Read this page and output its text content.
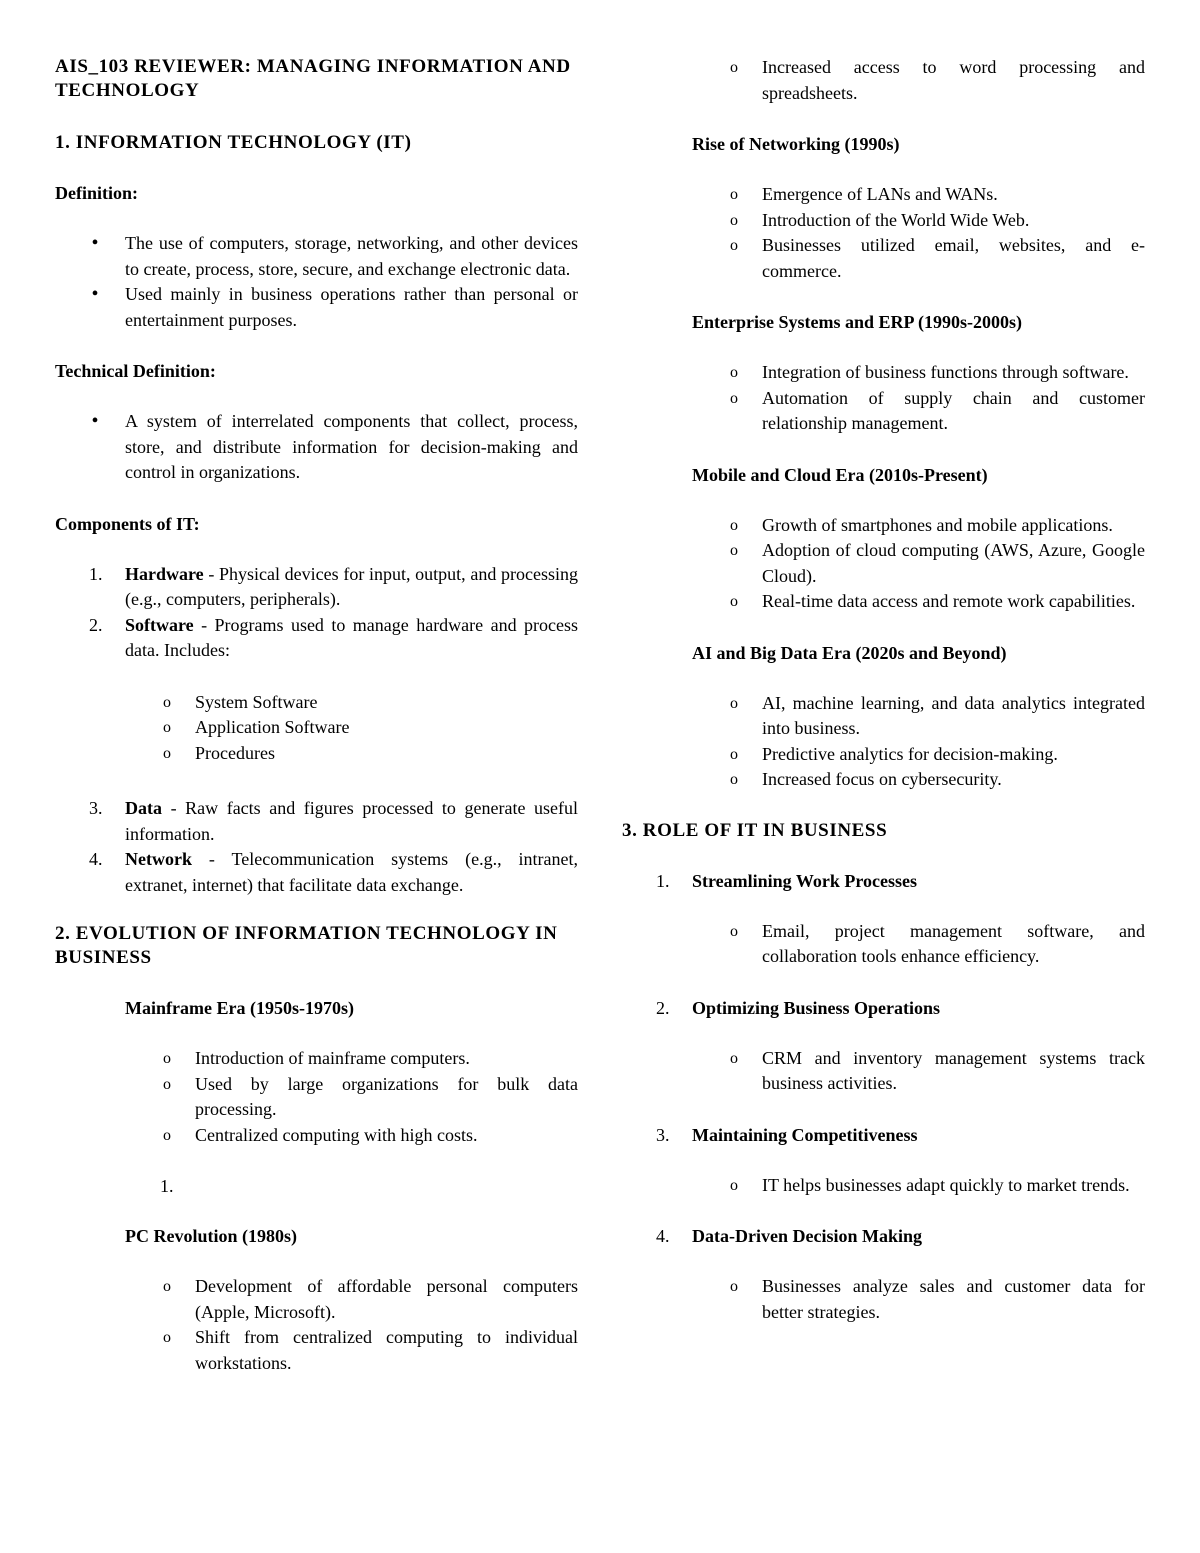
AIS_103 REVIEWER: MANAGING INFORMATION AND TECHNOLOGY

1. INFORMATION TECHNOLOGY (IT)

Definition:

•	The use of computers, storage, networking, and other devices to create, process, store, secure, and exchange electronic data.
•	Used mainly in business operations rather than personal or entertainment purposes.

Technical Definition:

•	A system of interrelated components that collect, process, store, and distribute information for decision-making and control in organizations.

Components of IT:

1.	Hardware - Physical devices for input, output, and processing (e.g., computers, peripherals).
2.	Software - Programs used to manage hardware and process data. Includes:
o System Software
o Application Software
o Procedures
3.	Data - Raw facts and figures processed to generate useful information.
4.	Network - Telecommunication systems (e.g., intranet, extranet, internet) that facilitate data exchange.

2. EVOLUTION OF INFORMATION TECHNOLOGY IN BUSINESS

Mainframe Era (1950s-1970s)

o Introduction of mainframe computers.
o Used by large organizations for bulk data processing.
o Centralized computing with high costs.

1.

PC Revolution (1980s)

o Development of affordable personal computers (Apple, Microsoft).
o Shift from centralized computing to individual workstations.
o Increased access to word processing and spreadsheets.

Rise of Networking (1990s)

o Emergence of LANs and WANs.
o Introduction of the World Wide Web.
o Businesses utilized email, websites, and e-commerce.

Enterprise Systems and ERP (1990s-2000s)

o Integration of business functions through software.
o Automation of supply chain and customer relationship management.

Mobile and Cloud Era (2010s-Present)

o Growth of smartphones and mobile applications.
o Adoption of cloud computing (AWS, Azure, Google Cloud).
o Real-time data access and remote work capabilities.

AI and Big Data Era (2020s and Beyond)

o AI, machine learning, and data analytics integrated into business.
o Predictive analytics for decision-making.
o Increased focus on cybersecurity.

3. ROLE OF IT IN BUSINESS

1. Streamlining Work Processes

o Email, project management software, and collaboration tools enhance efficiency.
2. Optimizing Business Operations

o CRM and inventory management systems track business activities.
3. Maintaining Competitiveness

o IT helps businesses adapt quickly to market trends.
4. Data-Driven Decision Making

o Businesses analyze sales and customer data for better strategies.
